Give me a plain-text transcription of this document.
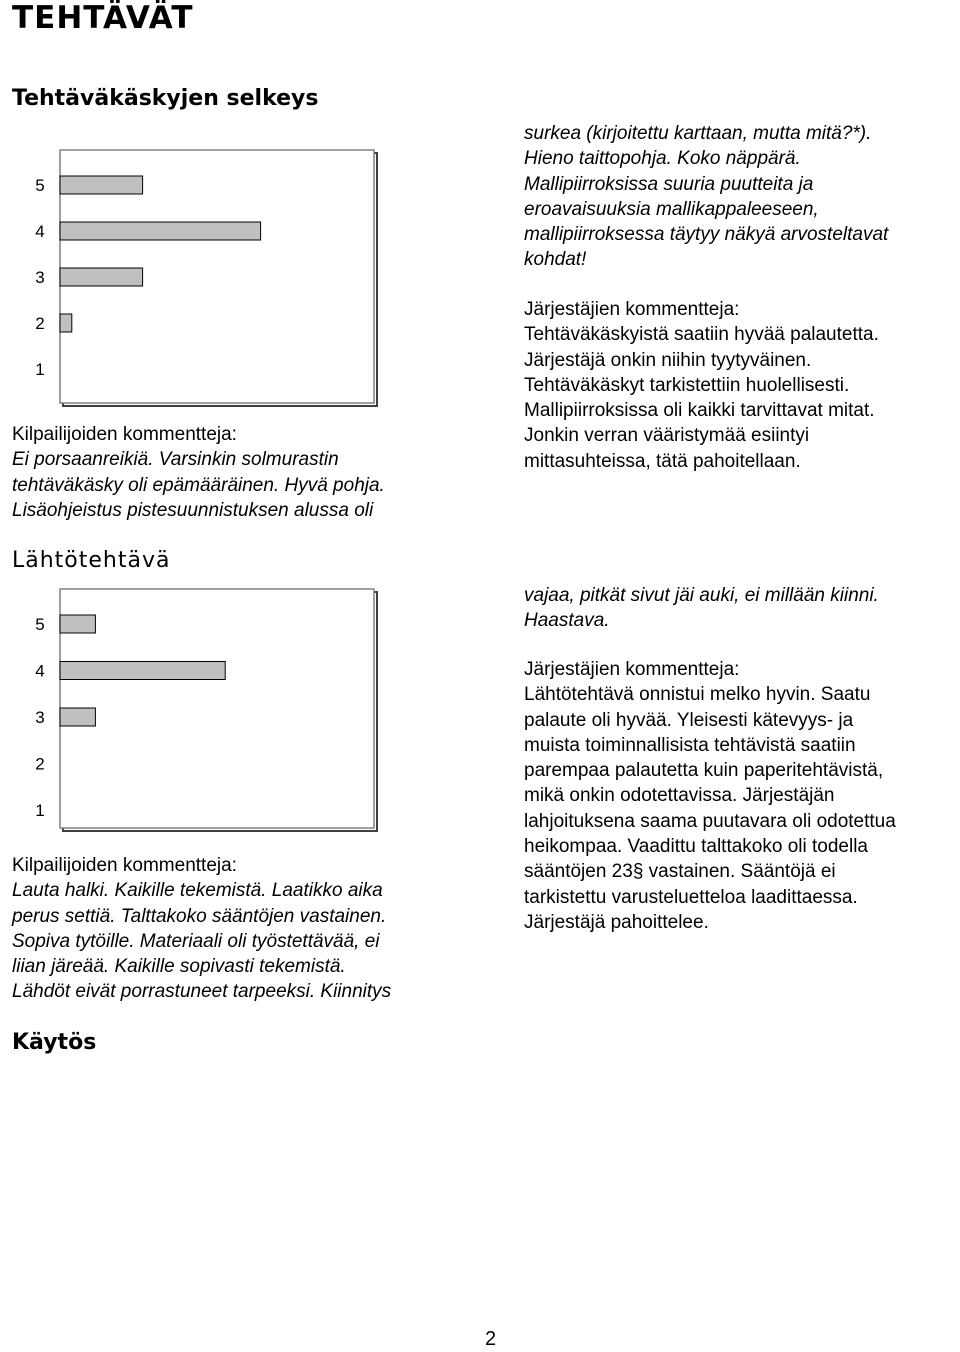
TEHTÄVÄT
Tehtäväkäskyjen selkeys
5
4
3
2
1

Kilpailijoiden kommentteja:

Ei porsaanreikiä. Varsinkin solmurastin

tehtäväkäsky oli epämääräinen. Hyvä pohja.

Lisäohjeistus pistesuunnistuksen alussa oli

surkea (kirjoitettu karttaan, mutta mitä?*).

Hieno taittopohja. Koko näppärä.

Mallipiirroksissa suuria puutteita ja

eroavaisuuksia mallikappaleeseen,

mallipiirroksessa täytyy näkyä arvosteltavat

kohdat!

Järjestäjien kommentteja:

Tehtäväkäskyistä saatiin hyvää palautetta.

Järjestäjä onkin niihin tyytyväinen.

Tehtäväkäskyt tarkistettiin huolellisesti.

Mallipiirroksissa oli kaikki tarvittavat mitat.

Jonkin verran vääristymää esiintyi

mittasuhteissa, tätä pahoitellaan.

Lähtötehtävä
5
4
3
2
1

Kilpailijoiden kommentteja:

Lauta halki. Kaikille tekemistä. Laatikko aika

perus settiä. Talttakoko sääntöjen vastainen.

Sopiva tytöille. Materiaali oli työstettävää, ei

liian järeää. Kaikille sopivasti tekemistä.

Lähdöt eivät porrastuneet tarpeeksi. Kiinnitys

vajaa, pitkät sivut jäi auki, ei millään kiinni.

Haastava.

Järjestäjien kommentteja:

Lähtötehtävä onnistui melko hyvin. Saatu

palaute oli hyvää. Yleisesti kätevyys- ja

muista toiminnallisista tehtävistä saatiin

parempaa palautetta kuin paperitehtävistä,

mikä onkin odotettavissa. Järjestäjän

lahjoituksena saama puutavara oli odotettua

heikompaa. Vaadittu talttakoko oli todella

sääntöjen 23§ vastainen. Sääntöjä ei

tarkistettu varusteluetteloa laadittaessa.

Järjestäjä pahoittelee.

Käytös
2
